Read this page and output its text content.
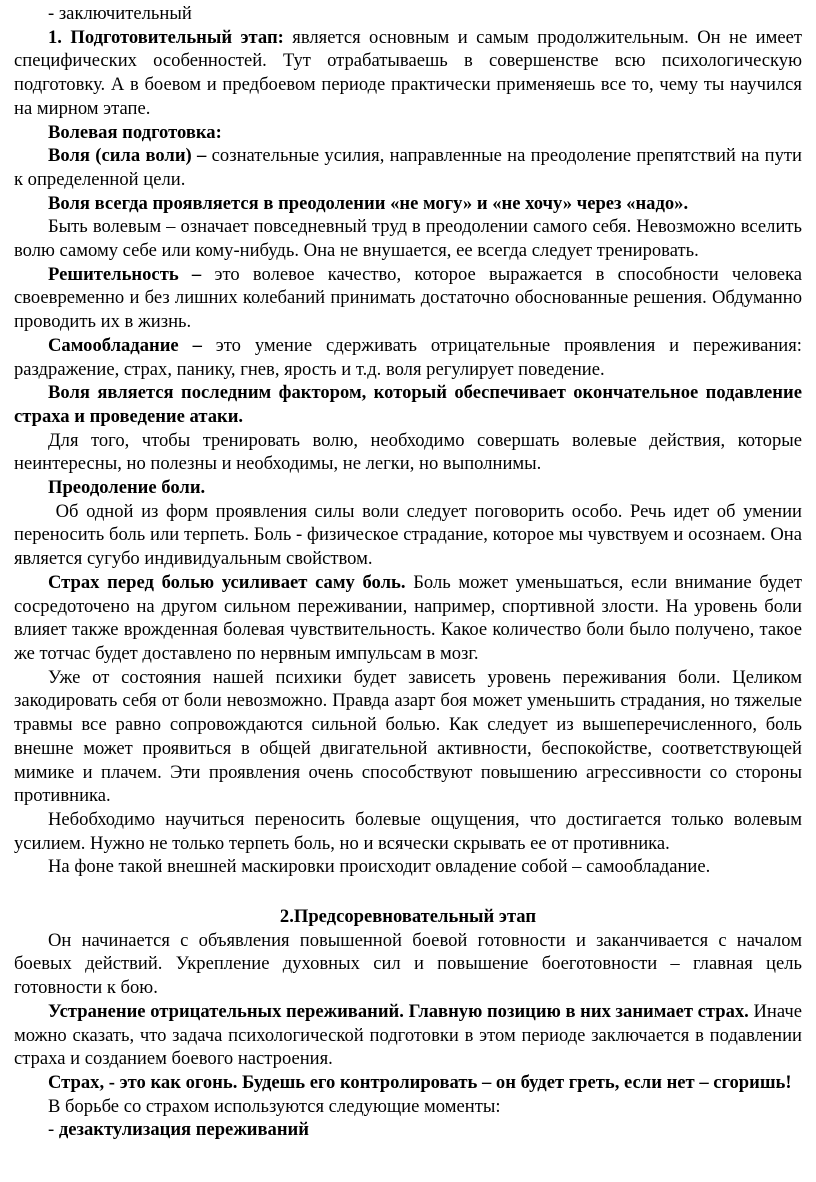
- заключительный

1. Подготовительный этап: является основным и самым продолжительным. Он не имеет специфических особенностей. Тут отрабатываешь в совершенстве всю психологическую подготовку. А в боевом и предбоевом периоде практически применяешь все то, чему ты научился на мирном этапе.

Волевая подготовка:

Воля (сила воли) – сознательные усилия, направленные на преодоление препятствий на пути к определенной цели.

Воля всегда проявляется в преодолении «не могу» и «не хочу» через «надо».

Быть волевым – означает повседневный труд в преодолении самого себя. Невозможно вселить волю самому себе или кому-нибудь. Она не внушается, ее всегда следует тренировать.

Решительность – это волевое качество, которое выражается в способности человека своевременно и без лишних колебаний принимать достаточно обоснованные решения. Обдуманно проводить их в жизнь.

Самообладание – это умение сдерживать отрицательные проявления и переживания: раздражение, страх, панику, гнев, ярость и т.д. воля регулирует поведение.

Воля является последним фактором, который обеспечивает окончательное подавление страха и проведение атаки.

Для того, чтобы тренировать волю, необходимо совершать волевые действия, которые неинтересны, но полезны и необходимы, не легки, но выполнимы.

Преодоление боли.

Об одной из форм проявления силы воли следует поговорить особо. Речь идет об умении переносить боль или терпеть. Боль - физическое страдание, которое мы чувствуем и осознаем. Она является сугубо индивидуальным свойством.

Страх перед болью усиливает саму боль. Боль может уменьшаться, если внимание будет сосредоточено на другом сильном переживании, например, спортивной злости. На уровень боли влияет также врожденная болевая чувствительность. Какое количество боли было получено, такое же тотчас будет доставлено по нервным импульсам в мозг.

Уже от состояния нашей психики будет зависеть уровень переживания боли. Целиком закодировать себя от боли невозможно. Правда азарт боя может уменьшить страдания, но тяжелые травмы все равно сопровождаются сильной болью. Как следует из вышеперечисленного, боль внешне может проявиться в общей двигательной активности, беспокойстве, соответствующей мимике и плачем. Эти проявления очень способствуют повышению агрессивности со стороны противника.

Небобходимо научиться переносить болевые ощущения, что достигается только волевым усилием. Нужно не только терпеть боль, но и всячески скрывать ее от противника.

На фоне такой внешней маскировки происходит овладение собой – самообладание.

2.Предсоревновательный этап

Он начинается с объявления повышенной боевой готовности и заканчивается с началом боевых действий. Укрепление духовных сил и повышение боеготовности – главная цель готовности к бою.

Устранение отрицательных переживаний. Главную позицию в них занимает страх. Иначе можно сказать, что задача психологической подготовки в этом периоде заключается в подавлении страха и созданием боевого настроения.

Страх, - это как огонь. Будешь его контролировать – он будет греть, если нет – сгоришь!

В борьбе со страхом используются следующие моменты:

- дезактулизация переживаний
